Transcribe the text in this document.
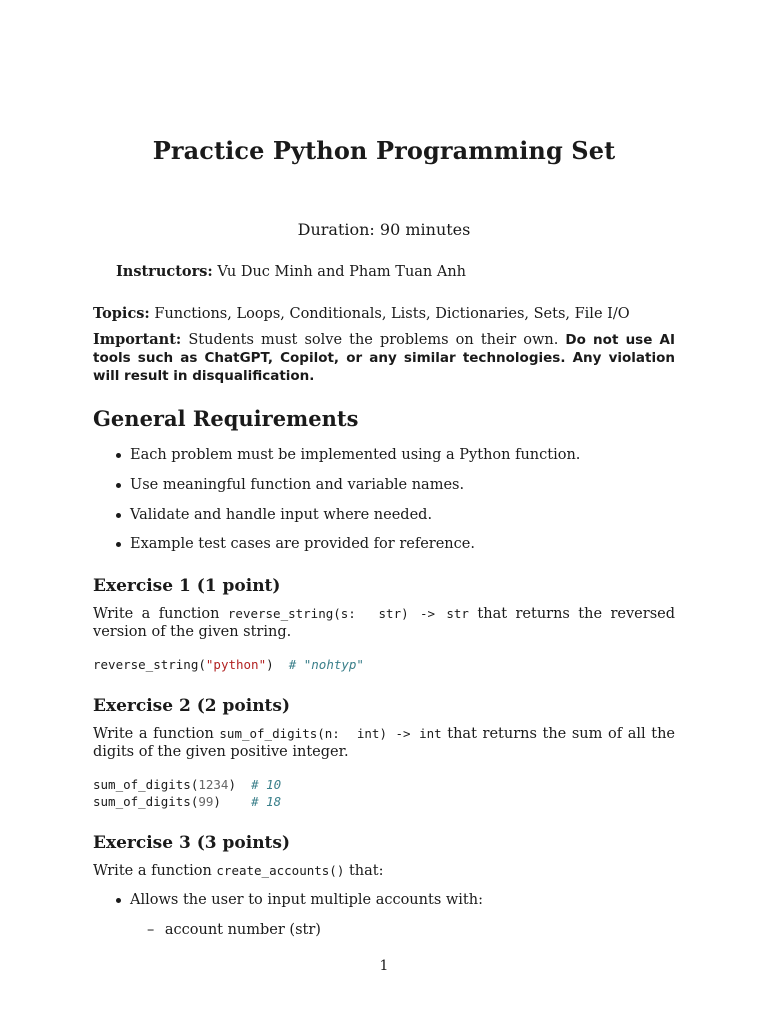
Practice Python Programming Set
Duration: 90 minutes
Instructors: Vu Duc Minh and Pham Tuan Anh
Topics: Functions, Loops, Conditionals, Lists, Dictionaries, Sets, File I/O
Important: Students must solve the problems on their own. Do not use AI tools such as ChatGPT, Copilot, or any similar technologies. Any violation will result in disqualification.
General Requirements
Each problem must be implemented using a Python function.
Use meaningful function and variable names.
Validate and handle input where needed.
Example test cases are provided for reference.
Exercise 1 (1 point)
Write a function reverse_string(s:  str) -> str that returns the reversed version of the given string.
reverse_string("python") # "nohtyp"
Exercise 2 (2 points)
Write a function sum_of_digits(n:  int) -> int that returns the sum of all the digits of the given positive integer.
sum_of_digits(1234) # 10
sum_of_digits(99) # 18
Exercise 3 (3 points)
Write a function create_accounts() that:
Allows the user to input multiple accounts with:
– account number (str)
1
